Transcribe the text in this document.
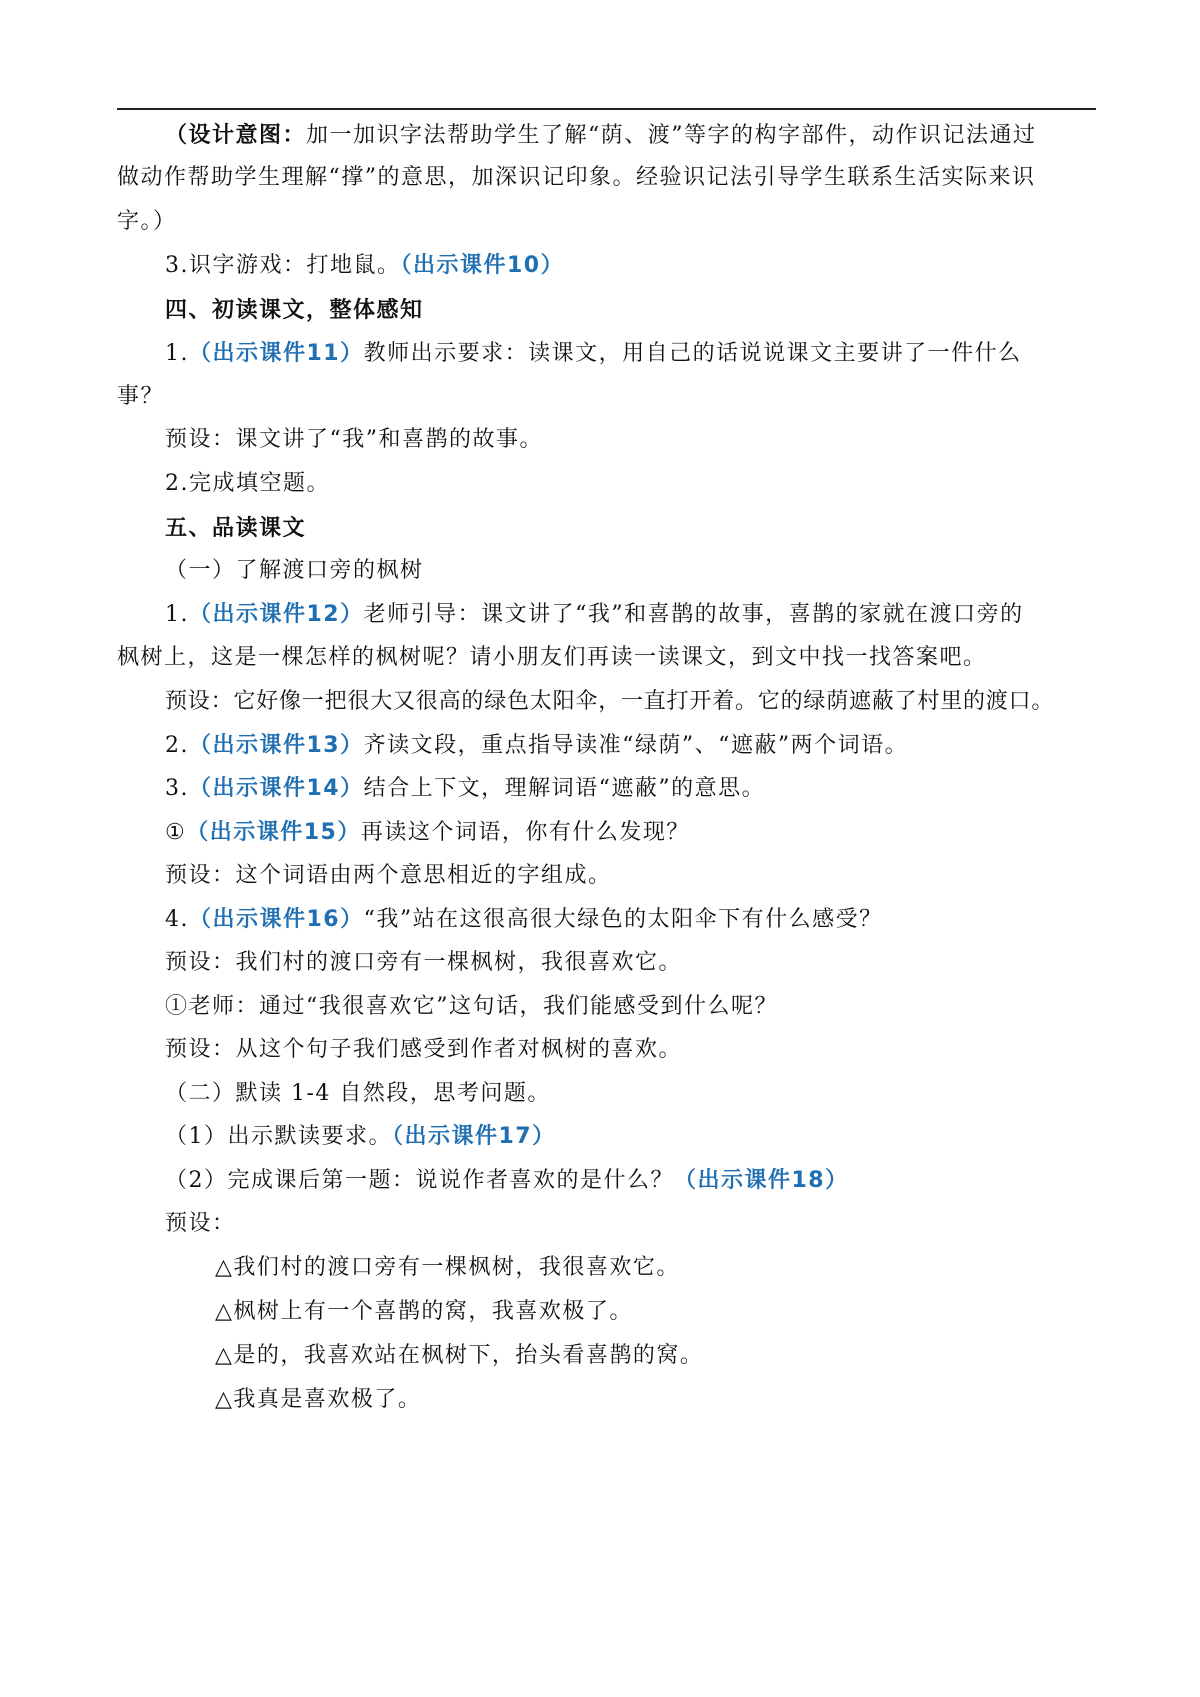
（设计意图：加一加识字法帮助学生了解“荫、渡”等字的构字部件，动作识记法通过
做动作帮助学生理解“撑”的意思，加深识记印象。经验识记法引导学生联系生活实际来识
字。）
3.识字游戏：打地鼠。（出示课件10）
四、初读课文，整体感知
1.（出示课件11）教师出示要求：读课文，用自己的话说说课文主要讲了一件什么
事？
预设：课文讲了“我”和喜鹊的故事。
2.完成填空题。
五、品读课文
（一）了解渡口旁的枫树
1.（出示课件12）老师引导：课文讲了“我”和喜鹊的故事，喜鹊的家就在渡口旁的
枫树上，这是一棵怎样的枫树呢？请小朋友们再读一读课文，到文中找一找答案吧。
预设：它好像一把很大又很高的绿色太阳伞，一直打开着。它的绿荫遮蔽了村里的渡口。
2.（出示课件13）齐读文段，重点指导读准“绿荫”、“遮蔽”两个词语。
3.（出示课件14）结合上下文，理解词语“遮蔽”的意思。
①（出示课件15）再读这个词语，你有什么发现？
预设：这个词语由两个意思相近的字组成。
4.（出示课件16）“我”站在这很高很大绿色的太阳伞下有什么感受？
预设：我们村的渡口旁有一棵枫树，我很喜欢它。
①老师：通过“我很喜欢它”这句话，我们能感受到什么呢？
预设：从这个句子我们感受到作者对枫树的喜欢。
（二）默读 1-4 自然段，思考问题。
（1）出示默读要求。（出示课件17）
（2）完成课后第一题：说说作者喜欢的是什么？（出示课件18）
预设：
△我们村的渡口旁有一棵枫树，我很喜欢它。
△枫树上有一个喜鹊的窝，我喜欢极了。
△是的，我喜欢站在枫树下，抬头看喜鹊的窝。
△我真是喜欢极了。
